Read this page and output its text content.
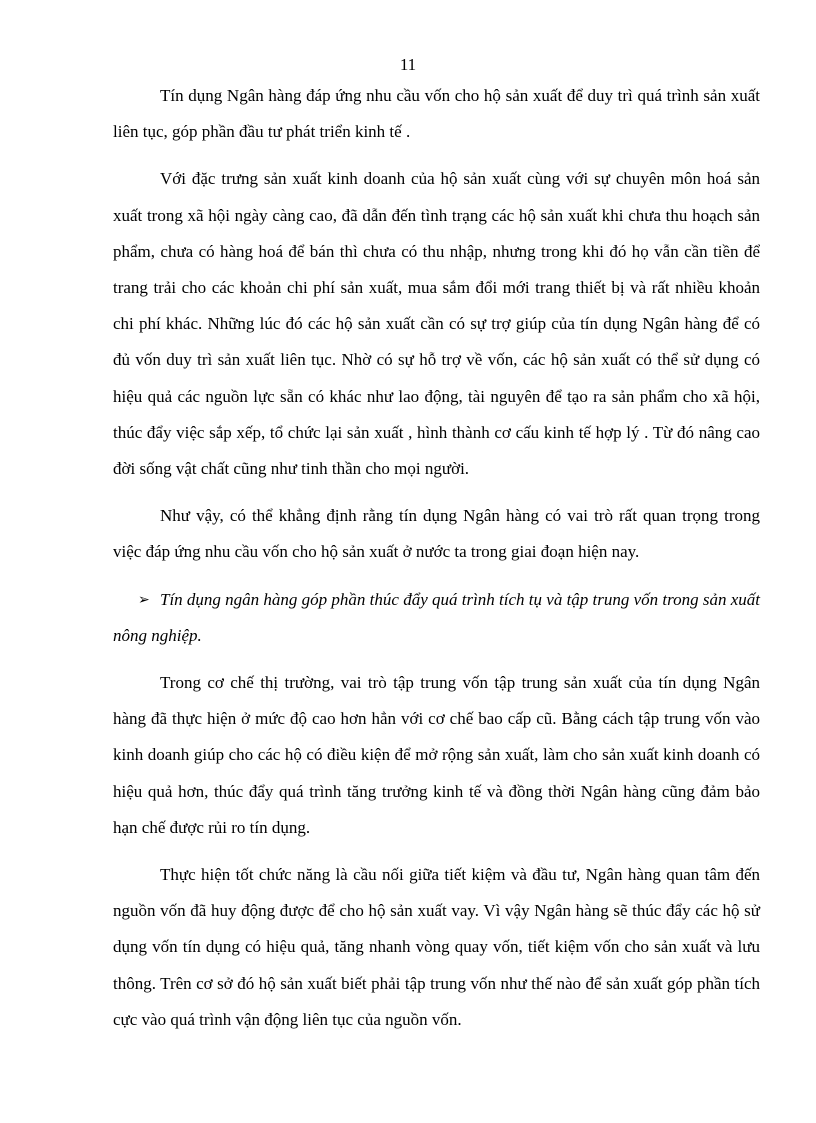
11

Tín dụng Ngân hàng đáp ứng nhu cầu vốn cho hộ sản xuất để duy trì quá trình sản xuất liên tục, góp phần đầu tư phát triển kinh tế .

Với đặc trưng sản xuất kinh doanh của hộ sản xuất cùng với sự chuyên môn hoá sản xuất trong xã hội ngày càng cao, đã dẫn đến tình trạng các hộ sản xuất khi chưa thu hoạch sản phẩm, chưa có hàng hoá để bán thì chưa có thu nhập, nhưng trong khi đó họ vẫn cần tiền để trang trải cho các khoản chi phí sản xuất, mua sắm đổi mới trang thiết bị và rất nhiều khoản chi phí khác. Những lúc đó các hộ sản xuất cần có sự trợ giúp của tín dụng Ngân hàng để có đủ vốn duy trì sản xuất liên tục. Nhờ có sự hỗ trợ về vốn, các hộ sản xuất có thể sử dụng có hiệu quả các nguồn lực sẵn có khác như lao động, tài nguyên để tạo ra sản phẩm cho xã hội, thúc đẩy việc sắp xếp, tổ chức lại sản xuất , hình thành cơ cấu kinh tế hợp lý . Từ đó nâng cao đời sống vật chất cũng như tinh thần cho mọi người.

Như vậy, có thể khẳng định rằng tín dụng Ngân hàng có vai trò rất quan trọng trong việc đáp ứng nhu cầu vốn cho hộ sản xuất ở nước ta trong giai đoạn hiện nay.

➢ Tín dụng ngân hàng góp phần thúc đẩy quá trình tích tụ và tập trung vốn trong sản xuất nông nghiệp.

Trong cơ chế thị trường, vai trò tập trung vốn tập trung sản xuất của tín dụng Ngân hàng đã thực hiện ở mức độ cao hơn hẳn với cơ chế bao cấp cũ. Bằng cách tập trung vốn vào kinh doanh giúp cho các hộ có điều kiện để mở rộng sản xuất, làm cho sản xuất kinh doanh có hiệu quả hơn, thúc đẩy quá trình tăng trưởng kinh tế và đồng thời Ngân hàng cũng đảm bảo hạn chế được rủi ro tín dụng.

Thực hiện tốt chức năng là cầu nối giữa tiết kiệm và đầu tư, Ngân hàng quan tâm đến nguồn vốn đã huy động được để cho hộ sản xuất vay. Vì vậy Ngân hàng sẽ thúc đẩy các hộ sử dụng vốn tín dụng có hiệu quả, tăng nhanh vòng quay vốn, tiết kiệm vốn cho sản xuất và lưu thông. Trên cơ sở đó hộ sản xuất biết phải tập trung vốn như thế nào để sản xuất góp phần tích cực vào quá trình vận động liên tục của nguồn vốn.
